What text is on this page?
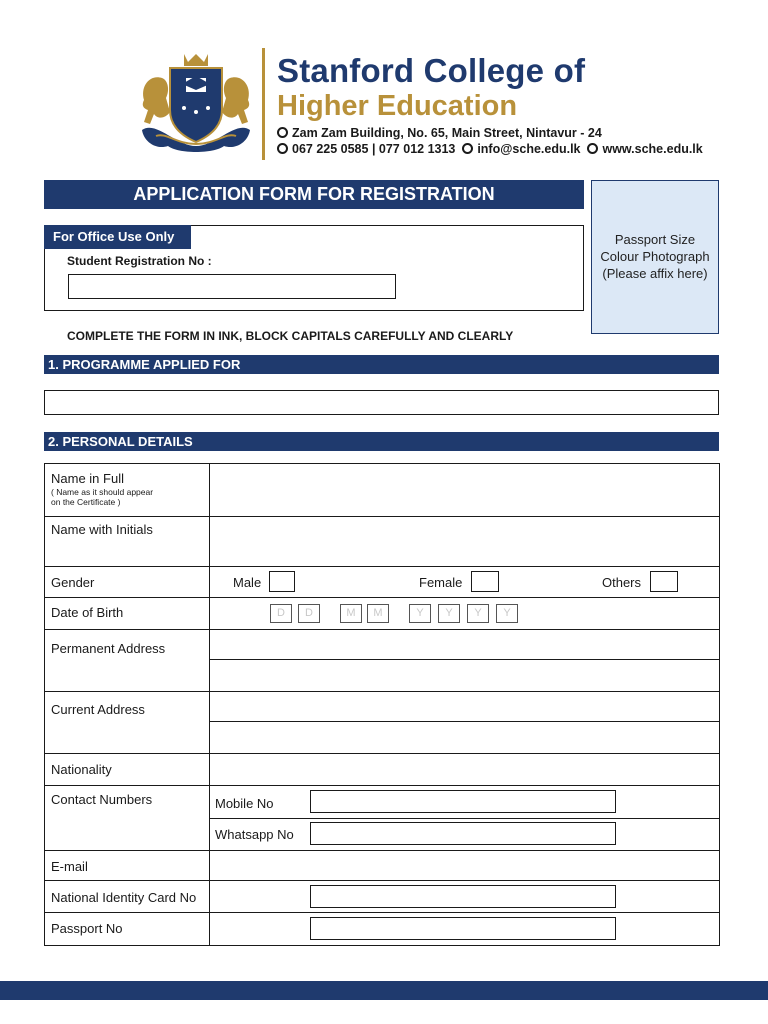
Stanford College of
Higher Education
Zam Zam Building, No. 65, Main Street, Nintavur - 24
067 225 0585 | 077 012 1313 info@sche.edu.lk www.sche.edu.lk
APPLICATION FORM FOR REGISTRATION
Passport Size
Colour Photograph
(Please affix here)
For Office Use Only
Student Registration No :
COMPLETE THE FORM IN INK, BLOCK CAPITALS CAREFULLY AND CLEARLY
1. PROGRAMME APPLIED FOR
2. PERSONAL DETAILS
Name in Full
( Name as it should appear
on the Certificate )
Name with Initials
Gender	Male	Female	Others
Date of Birth	D	D	M	M	Y	Y	Y	Y
Permanent Address
Current Address
Nationality
Contact Numbers	Mobile No
Whatsapp No
E-mail
National Identity Card No
Passport No
